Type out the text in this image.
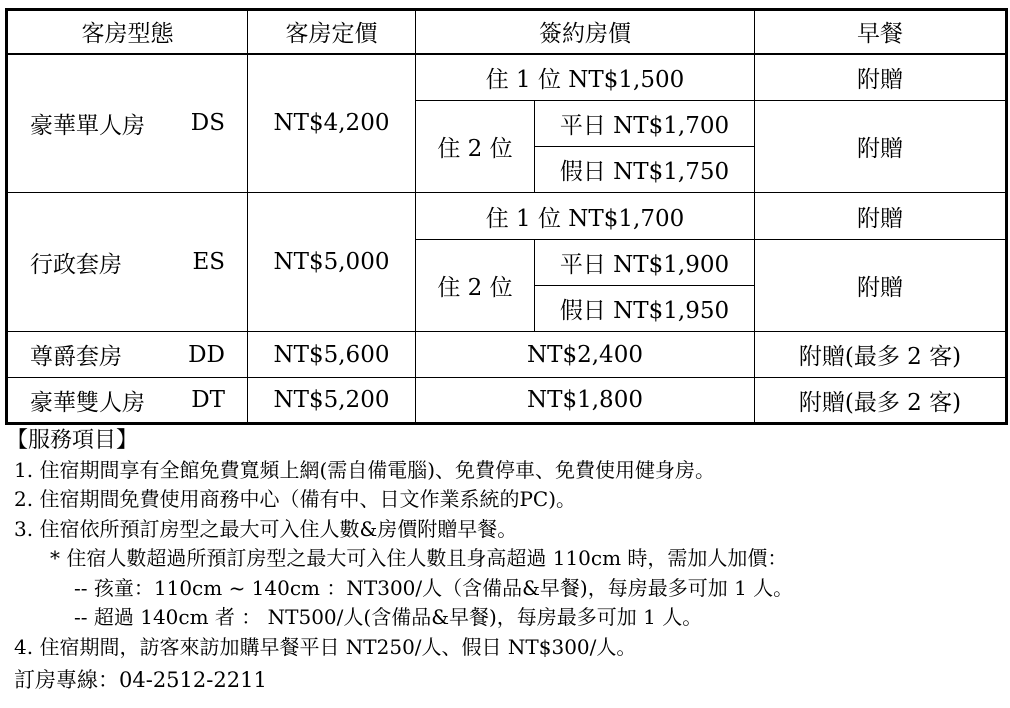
客房型態	客房定價	簽約房價		早餐
豪華單人房 DS	NT$4,200	住 1 位 NT$1,500		附贈
		住 2 位	平日 NT$1,700	附贈
			假日 NT$1,750	
行政套房 ES	NT$5,000	住 1 位 NT$1,700		附贈
		住 2 位	平日 NT$1,900	附贈
			假日 NT$1,950	
尊爵套房 DD	NT$5,600	NT$2,400		附贈(最多 2 客)
豪華雙人房 DT	NT$5,200	NT$1,800		附贈(最多 2 客)
【服務項目】
1. 住宿期間享有全館免費寬頻上網(需自備電腦)、免費停車、免費使用健身房。
2. 住宿期間免費使用商務中心（備有中、日文作業系統的PC)。
3. 住宿依所預訂房型之最大可入住人數&房價附贈早餐。
* 住宿人數超過所預訂房型之最大可入住人數且身高超過 110cm 時，需加人加價：
-- 孩童：110cm ~ 140cm ：NT300/人（含備品&早餐)，每房最多可加 1 人。
-- 超過 140cm 者 ： NT500/人(含備品&早餐)，每房最多可加 1 人。
4. 住宿期間，訪客來訪加購早餐平日 NT250/人、假日 NT$300/人。
訂房專線：04-2512-2211
